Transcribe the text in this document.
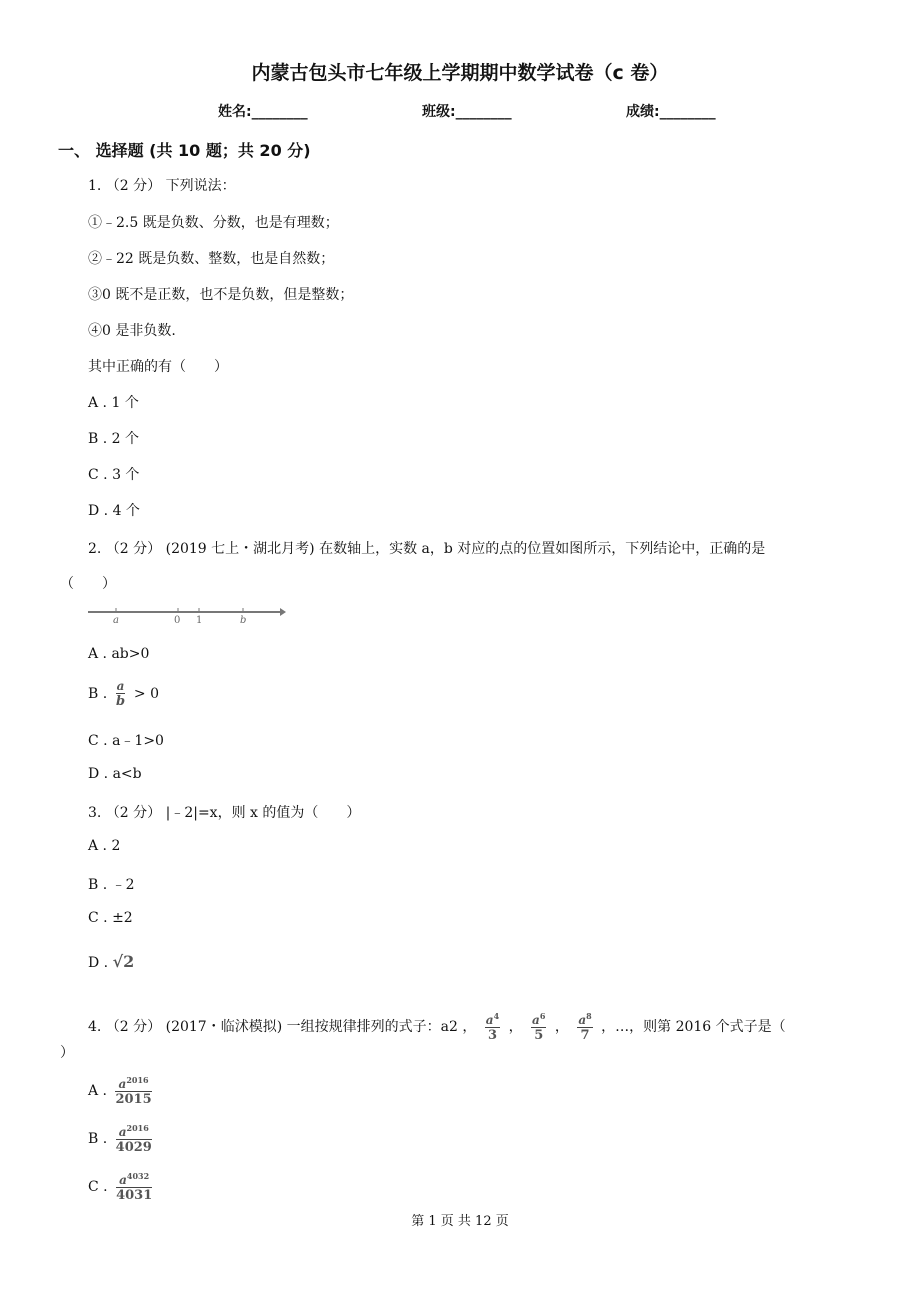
内蒙古包头市七年级上学期期中数学试卷（c 卷）
姓名:________	班级:________	成绩:________
一、 选择题 (共 10 题；共 20 分)
1. （2 分） 下列说法：
①﹣2.5 既是负数、分数，也是有理数；
②﹣22 既是负数、整数，也是自然数；
③0 既不是正数，也不是负数，但是整数；
④0 是非负数.
其中正确的有（　　）
A . 1 个
B . 2 个
C . 3 个
D . 4 个
2. （2 分） (2019 七上・湖北月考) 在数轴上，实数 a，b 对应的点的位置如图所示，下列结论中，正确的是
（　　）
a	0 1	b
A . ab>0
B . $\frac{a}{b} > 0$
C . a﹣1>0
D . a<b
3. （2 分） |﹣2|=x，则 x 的值为（　　）
A . 2
B . ﹣2
C . ±2
D . √2
4. （2 分） (2017・临沭模拟) 一组按规律排列的式子：a2 ， $\frac{a^4}{3}$ ， $\frac{a^6}{5}$ ， $\frac{a^8}{7}$ ，…，则第 2016 个式子是（
）
A . $\frac{a^{2016}}{2015}$
B . $\frac{a^{2016}}{4029}$
C . $\frac{a^{4032}}{4031}$
第 1 页 共 12 页
